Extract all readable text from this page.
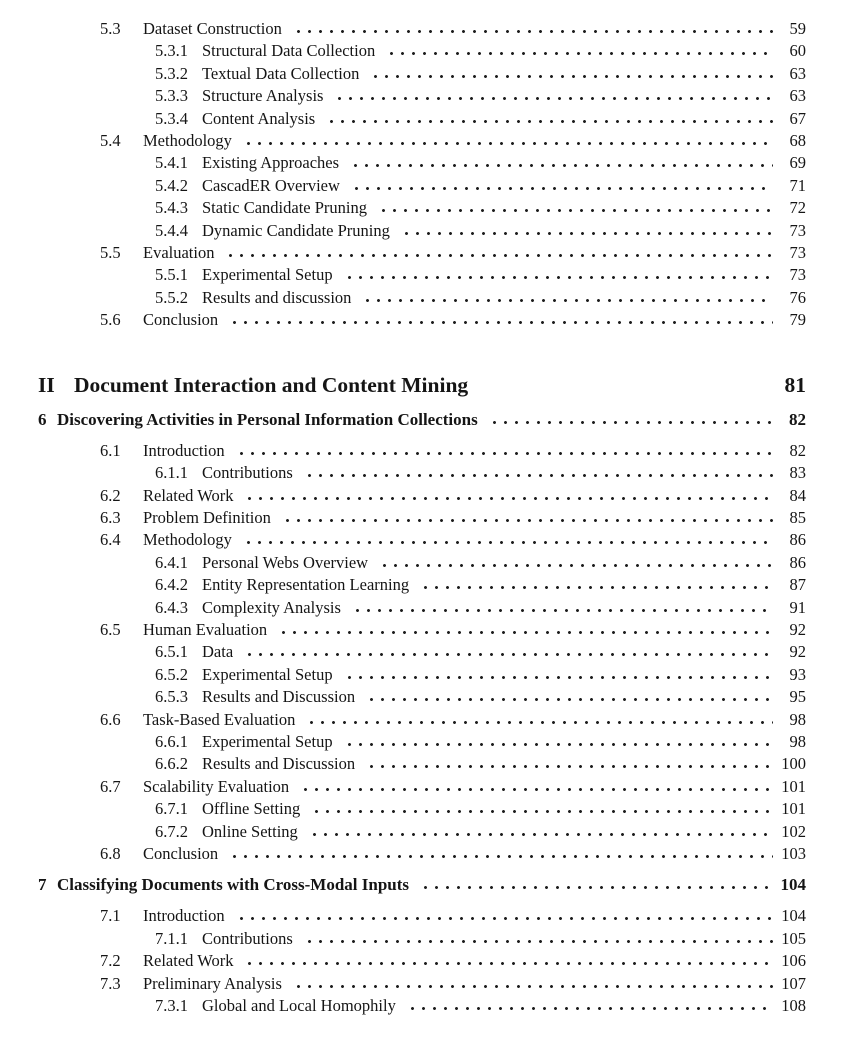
5.3	Dataset Construction	59
5.3.1 Structural Data Collection	60
5.3.2 Textual Data Collection	63
5.3.3 Structure Analysis	63
5.3.4 Content Analysis	67
5.4	Methodology	68
5.4.1 Existing Approaches	69
5.4.2 CascadER Overview	71
5.4.3 Static Candidate Pruning	72
5.4.4 Dynamic Candidate Pruning	73
5.5	Evaluation	73
5.5.1 Experimental Setup	73
5.5.2 Results and discussion	76
5.6	Conclusion	79
II Document Interaction and Content Mining	81
6 Discovering Activities in Personal Information Collections	82
6.1	Introduction	82
6.1.1 Contributions	83
6.2	Related Work	84
6.3	Problem Definition	85
6.4	Methodology	86
6.4.1 Personal Webs Overview	86
6.4.2 Entity Representation Learning	87
6.4.3 Complexity Analysis	91
6.5	Human Evaluation	92
6.5.1 Data	92
6.5.2 Experimental Setup	93
6.5.3 Results and Discussion	95
6.6	Task-Based Evaluation	98
6.6.1 Experimental Setup	98
6.6.2 Results and Discussion	100
6.7	Scalability Evaluation	101
6.7.1 Offline Setting	101
6.7.2 Online Setting	102
6.8	Conclusion	103
7 Classifying Documents with Cross-Modal Inputs	104
7.1	Introduction	104
7.1.1 Contributions	105
7.2	Related Work	106
7.3	Preliminary Analysis	107
7.3.1 Global and Local Homophily	108
